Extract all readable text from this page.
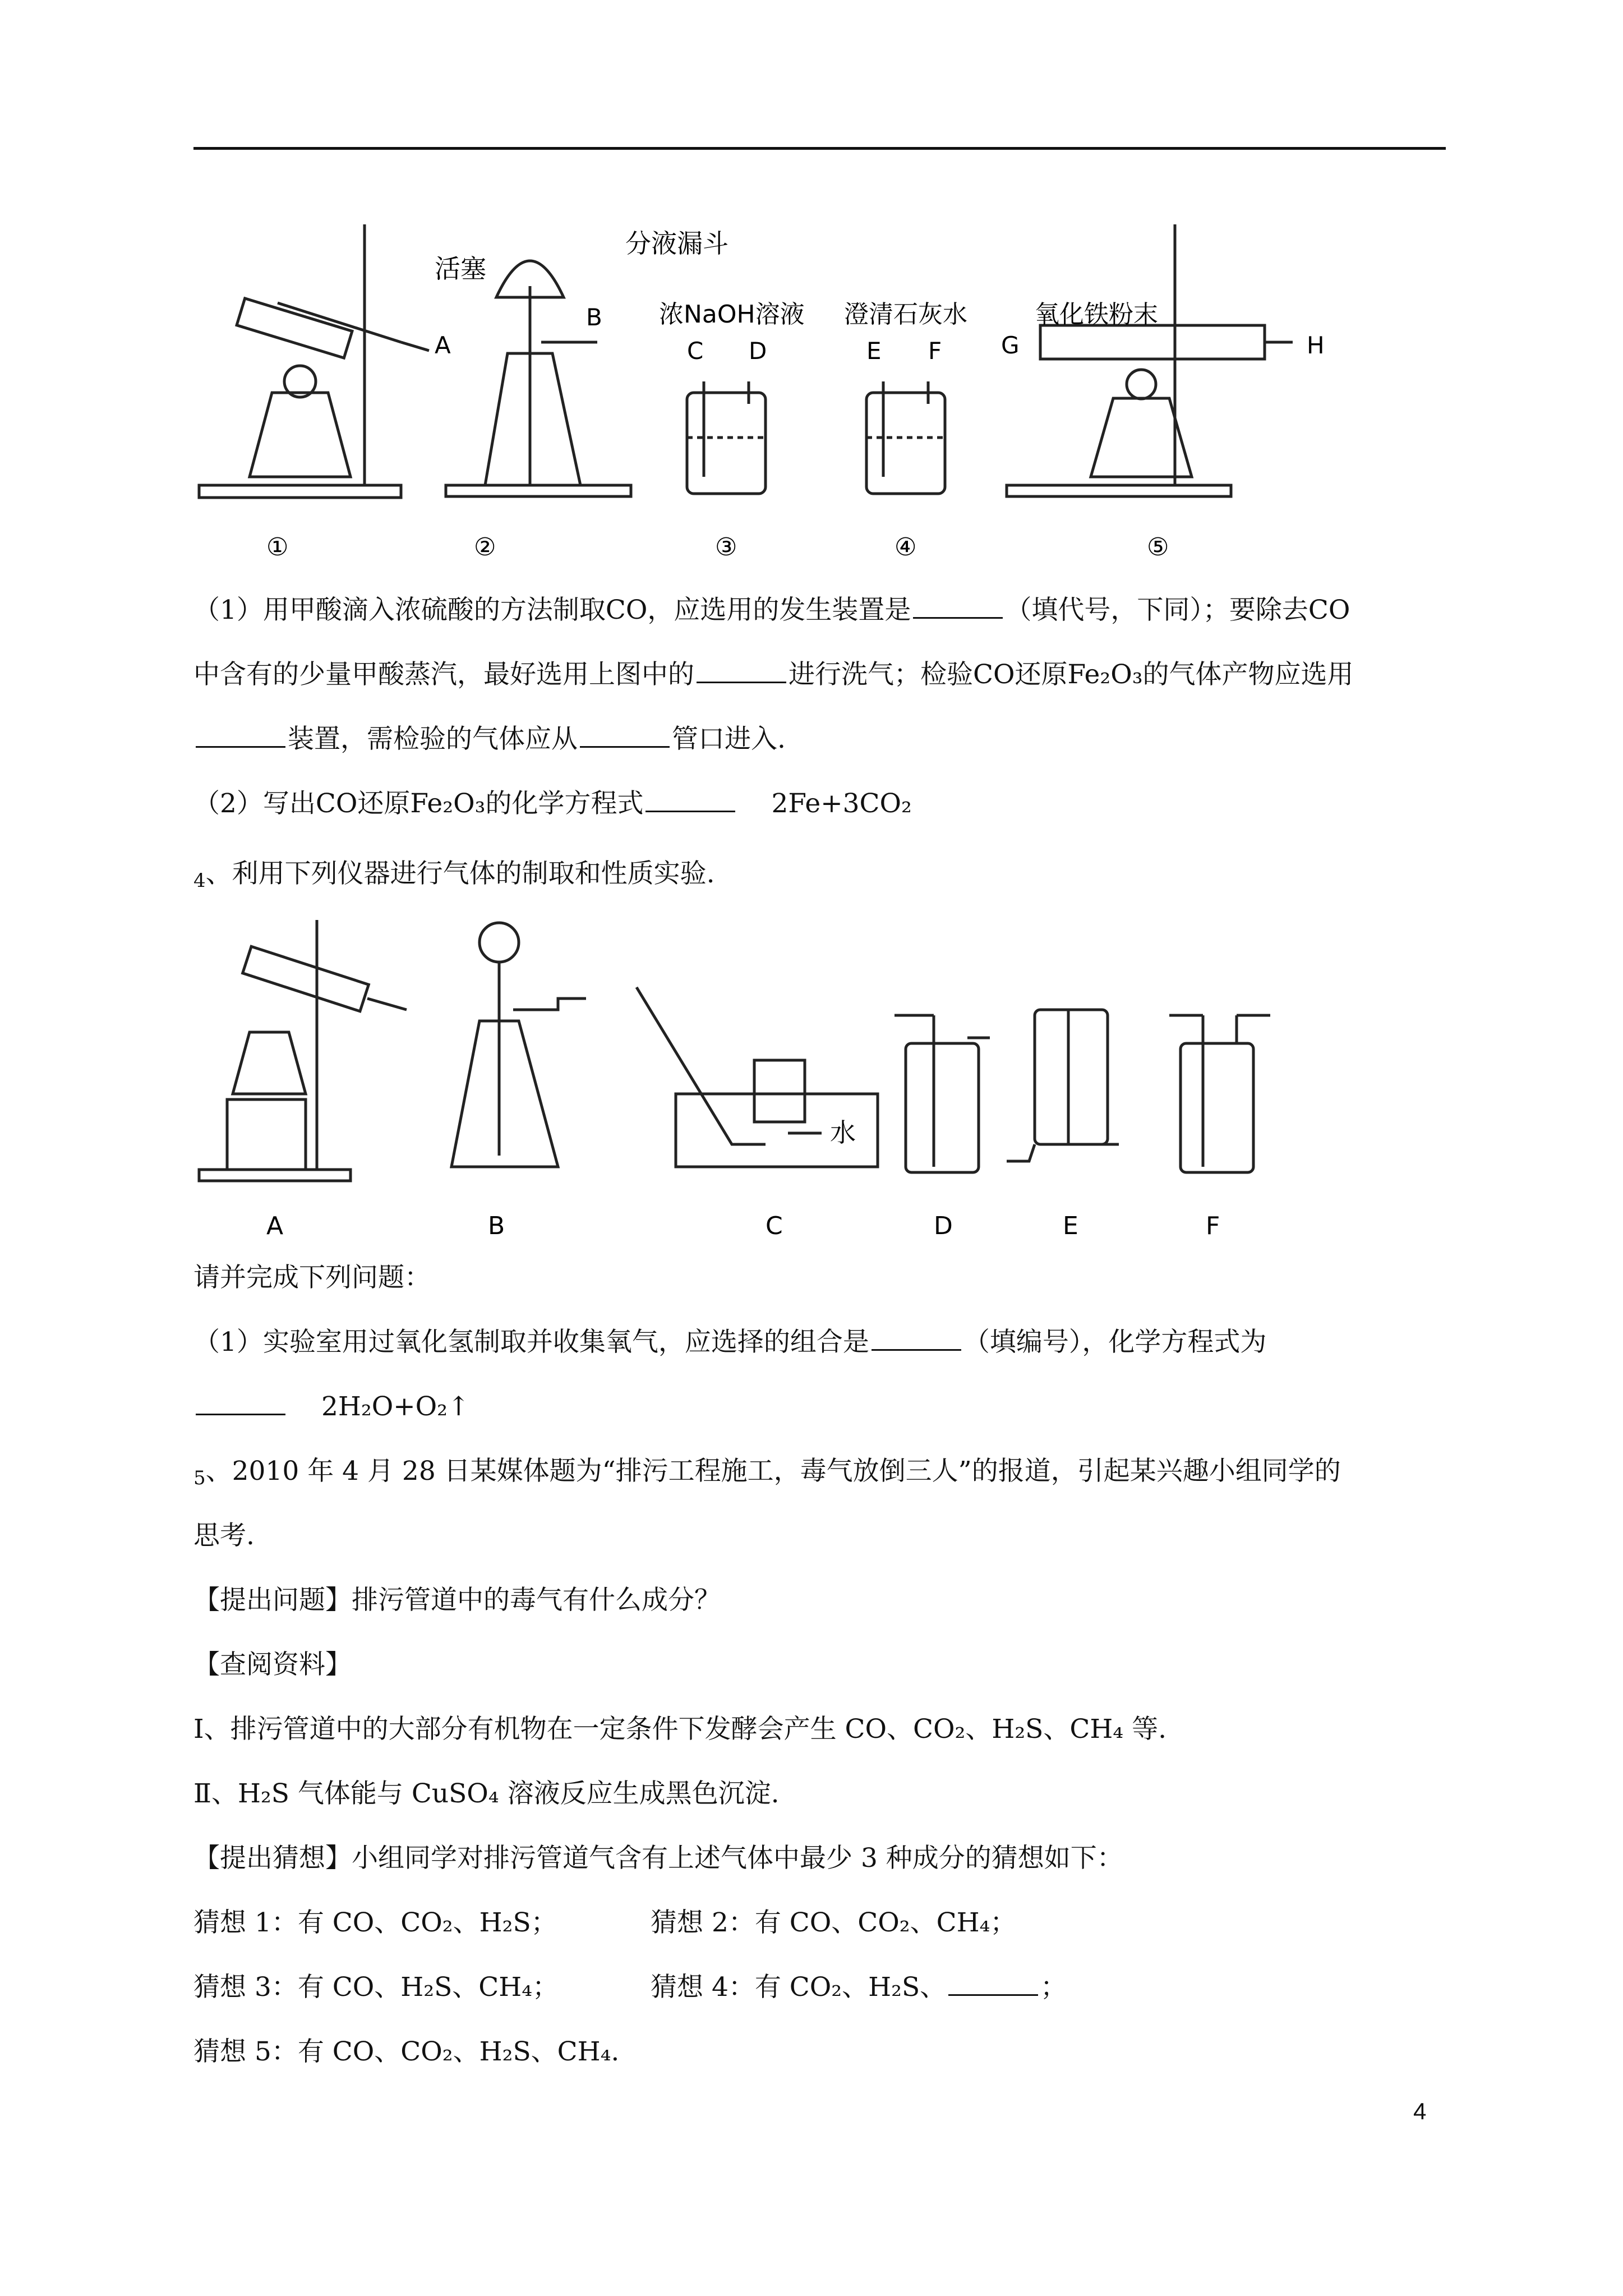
分液漏斗
活塞
浓NaOH溶液 澄清石灰水	氧化铁粉末
A
B
C D	E F	G	H
①	②	③	④	⑤
（1）用甲酸滴入浓硫酸的方法制取CO，应选用的发生装置是	（填代号，下同）；要除去CO
中含有的少量甲酸蒸汽，最好选用上图中的	进行洗气；检验CO还原Fe₂O₃的气体产物应选用
装置，需检验的气体应从	管口进入.
（2）写出CO还原Fe₂O₃的化学方程式	2Fe+3CO₂
4、利用下列仪器进行气体的制取和性质实验.
水
A	B	C	D	E	F
请并完成下列问题：
（1）实验室用过氧化氢制取并收集氧气，应选择的组合是	（填编号），化学方程式为
2H₂O+O₂↑
5、2010 年 4 月 28 日某媒体题为“排污工程施工，毒气放倒三人”的报道，引起某兴趣小组同学的
思考.
【提出问题】排污管道中的毒气有什么成分？
【查阅资料】
I、排污管道中的大部分有机物在一定条件下发酵会产生 CO、CO₂、H₂S、CH₄ 等.
Ⅱ、H₂S 气体能与 CuSO₄ 溶液反应生成黑色沉淀.
【提出猜想】小组同学对排污管道气含有上述气体中最少 3 种成分的猜想如下：
猜想 1：有 CO、CO₂、H₂S；	猜想 2：有 CO、CO₂、CH₄；
猜想 3：有 CO、H₂S、CH₄；	猜想 4：有 CO₂、H₂S、	；
猜想 5：有 CO、CO₂、H₂S、CH₄.
4
